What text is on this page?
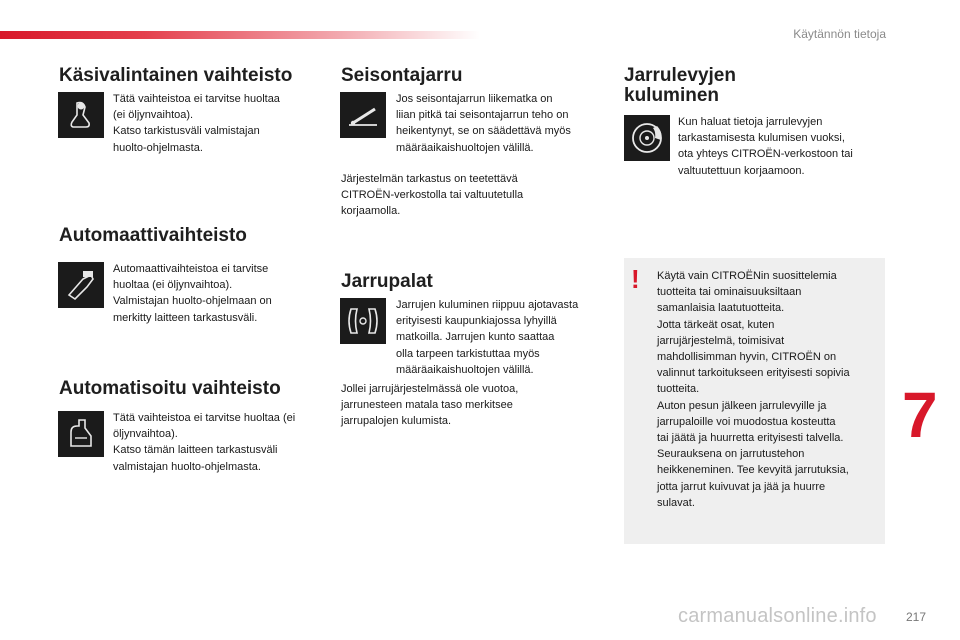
Käytännön tietoja
Käsivalintainen vaihteisto
Tätä vaihteistoa ei tarvitse huoltaa
(ei öljynvaihtoa).
Katso tarkistusväli valmistajan
huolto-ohjelmasta.
Automaattivaihteisto
Automaattivaihteistoa ei tarvitse
huoltaa (ei öljynvaihtoa).
Valmistajan huolto-ohjelmaan on
merkitty laitteen tarkastusväli.
Automatisoitu vaihteisto
Tätä vaihteistoa ei tarvitse huoltaa (ei
öljynvaihtoa).
Katso tämän laitteen tarkastusväli
valmistajan huolto-ohjelmasta.
Seisontajarru
Jos seisontajarrun liikematka on
liian pitkä tai seisontajarrun teho on
heikentynyt, se on säädettävä myös
määräaikaishuoltojen välillä.
Järjestelmän tarkastus on teetettävä
CITROËN-verkostolla tai valtuutetulla
korjaamolla.
Jarrupalat
Jarrujen kuluminen riippuu ajotavasta
erityisesti kaupunkiajossa lyhyillä
matkoilla. Jarrujen kunto saattaa
olla tarpeen tarkistuttaa myös
määräaikaishuoltojen välillä.
Jollei jarrujärjestelmässä ole vuotoa,
jarrunesteen matala taso merkitsee
jarrupalojen kulumista.
Jarrulevyjen
kuluminen
Kun haluat tietoja jarrulevyjen
tarkastamisesta kulumisen vuoksi,
ota yhteys CITROËN-verkostoon tai
valtuutettuun korjaamoon.
! Käytä vain CITROËNin suosittelemia
tuotteita tai ominaisuuksiltaan
samanlaisia laatutuotteita.
Jotta tärkeät osat, kuten
jarrujärjestelmä, toimisivat
mahdollisimman hyvin, CITROËN on
valinnut tarkoitukseen erityisesti sopivia
tuotteita.
Auton pesun jälkeen jarrulevyille ja
jarrupaloille voi muodostua kosteutta
tai jäätä ja huurretta erityisesti talvella.
Seurauksena on jarrutustehon
heikkeneminen. Tee kevyitä jarrutuksia,
jotta jarrut kuivuvat ja jää ja huurre
sulavat.
7
carmanualsonline.info 217
